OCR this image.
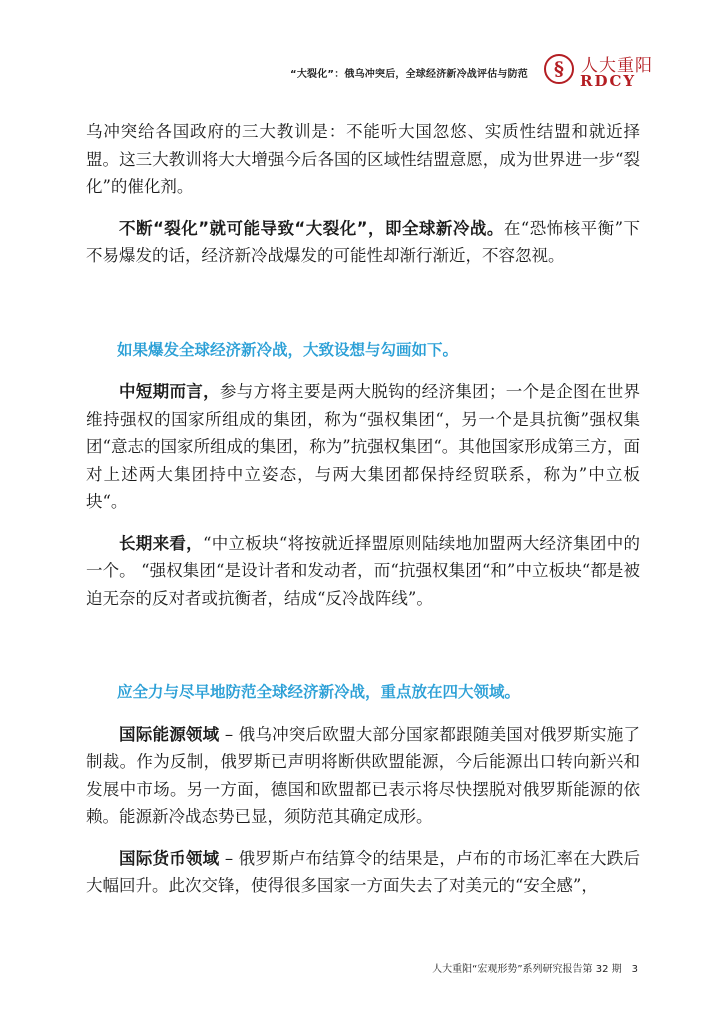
“大裂化”：俄乌冲突后，全球经济新冷战评估与防范	§	人大重阳
RDCY

乌冲突给各国政府的三大教训是：不能听大国忽悠、实质性结盟和就近择盟。这三大教训将大大增强今后各国的区域性结盟意愿，成为世界进一步“裂化”的催化剂。

不断“裂化”就可能导致“大裂化”，即全球新冷战。在“恐怖核平衡”下不易爆发的话，经济新冷战爆发的可能性却渐行渐近，不容忽视。

如果爆发全球经济新冷战，大致设想与勾画如下。

中短期而言，参与方将主要是两大脱钩的经济集团；一个是企图在世界维持强权的国家所组成的集团，称为“强权集团“，另一个是具抗衡”强权集团“意志的国家所组成的集团，称为”抗强权集团“。其他国家形成第三方，面对上述两大集团持中立姿态，与两大集团都保持经贸联系，称为”中立板块“。

长期来看，“中立板块“将按就近择盟原则陆续地加盟两大经济集团中的一个。 “强权集团“是设计者和发动者，而“抗强权集团“和”中立板块“都是被迫无奈的反对者或抗衡者，结成“反冷战阵线”。

应全力与尽早地防范全球经济新冷战，重点放在四大领域。

国际能源领域 – 俄乌冲突后欧盟大部分国家都跟随美国对俄罗斯实施了制裁。作为反制，俄罗斯已声明将断供欧盟能源，今后能源出口转向新兴和发展中市场。另一方面，德国和欧盟都已表示将尽快摆脱对俄罗斯能源的依赖。能源新冷战态势已显，须防范其确定成形。

国际货币领域 – 俄罗斯卢布结算令的结果是，卢布的市场汇率在大跌后大幅回升。此次交锋，使得很多国家一方面失去了对美元的“安全感”，

人大重阳“宏观形势”系列研究报告第 32 期 3
